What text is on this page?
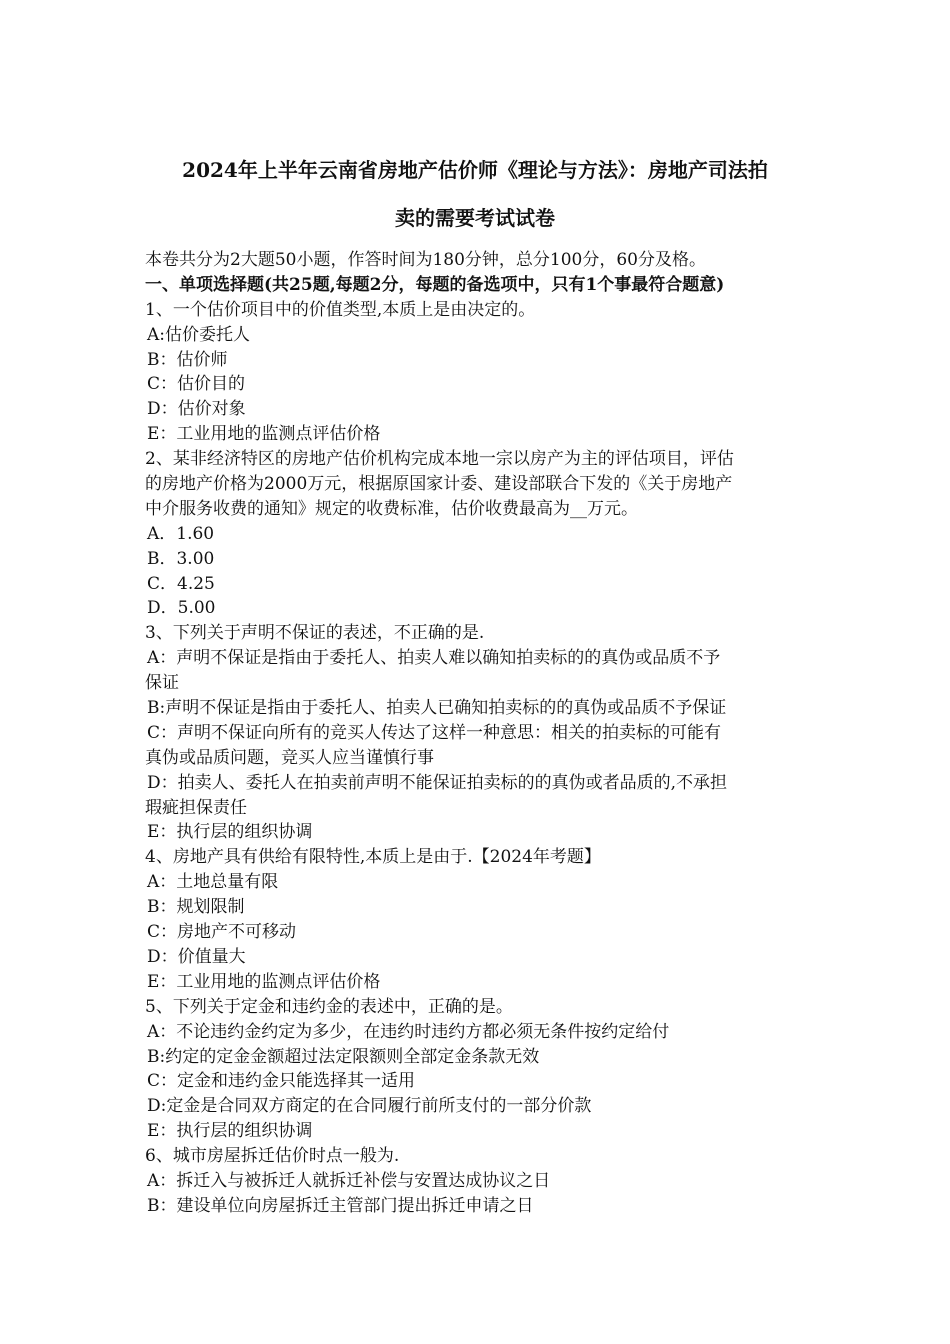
2024年上半年云南省房地产估价师《理论与方法》：房地产司法拍
卖的需要考试试卷
本卷共分为2大题50小题，作答时间为180分钟，总分100分，60分及格。
一、单项选择题(共25题,每题2分，每题的备选项中，只有1个事最符合题意)
1、一个估价项目中的价值类型,本质上是由决定的。
A:估价委托人
B：估价师
C：估价目的
D：估价对象
E：工业用地的监测点评估价格
2、某非经济特区的房地产估价机构完成本地一宗以房产为主的评估项目，评估
的房地产价格为2000万元，根据原国家计委、建设部联合下发的《关于房地产
中介服务收费的通知》规定的收费标准，估价收费最高为__万元。
A．1.60
B．3.00
C．4.25
D．5.00
3、下列关于声明不保证的表述，不正确的是.
A：声明不保证是指由于委托人、拍卖人难以确知拍卖标的的真伪或品质不予
保证
B:声明不保证是指由于委托人、拍卖人已确知拍卖标的的真伪或品质不予保证
C：声明不保证向所有的竞买人传达了这样一种意思：相关的拍卖标的可能有
真伪或品质问题，竞买人应当谨慎行事
D：拍卖人、委托人在拍卖前声明不能保证拍卖标的的真伪或者品质的,不承担
瑕疵担保责任
E：执行层的组织协调
4、房地产具有供给有限特性,本质上是由于.【2024年考题】
A：土地总量有限
B：规划限制
C：房地产不可移动
D：价值量大
E：工业用地的监测点评估价格
5、下列关于定金和违约金的表述中，正确的是。
A：不论违约金约定为多少，在违约时违约方都必须无条件按约定给付
B:约定的定金金额超过法定限额则全部定金条款无效
C：定金和违约金只能选择其一适用
D:定金是合同双方商定的在合同履行前所支付的一部分价款
E：执行层的组织协调
6、城市房屋拆迁估价时点一般为.
A：拆迁入与被拆迁人就拆迁补偿与安置达成协议之日
B：建设单位向房屋拆迁主管部门提出拆迁申请之日
